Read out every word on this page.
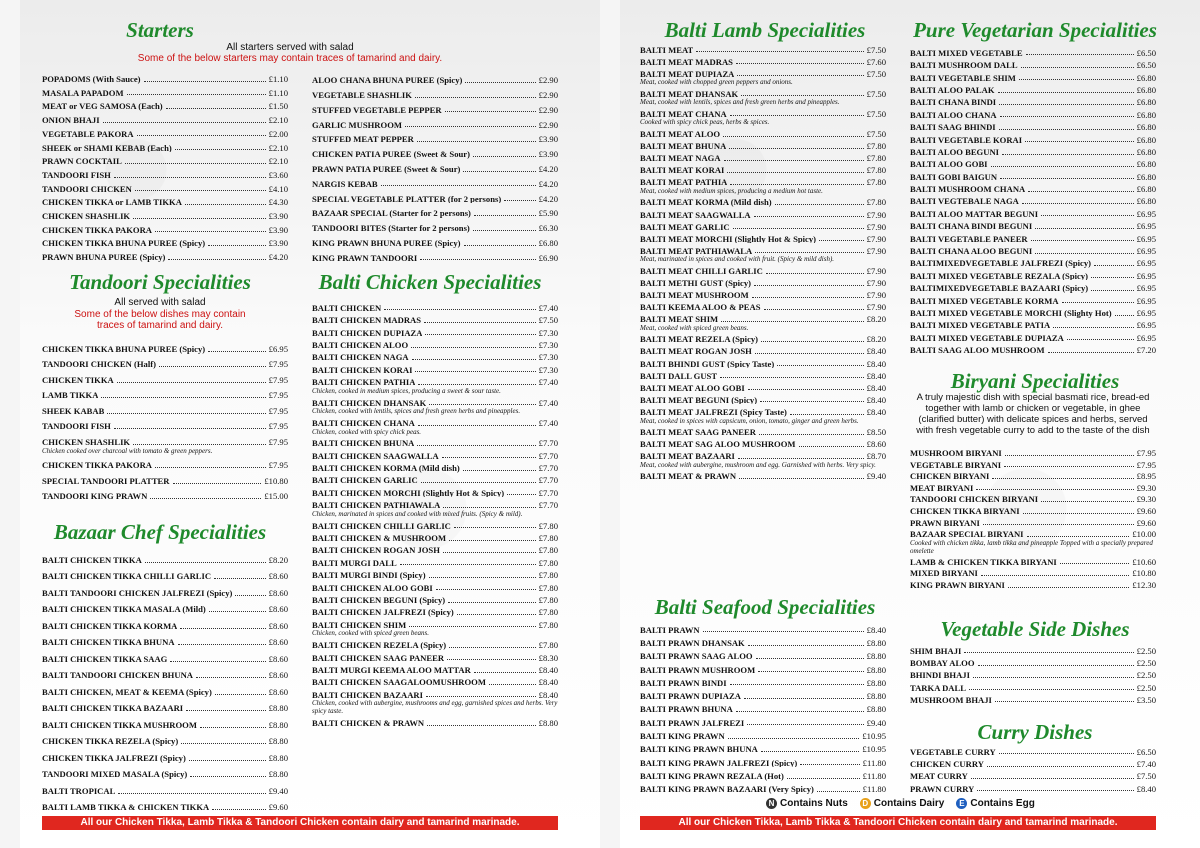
Starters
All starters served with salad
Some of the below starters may contain traces of tamarind and dairy.
POPADOMS (With Sauce)	£1.10
MASALA PAPADOM	£1.10
MEAT or VEG SAMOSA (Each)	£1.50
ONION BHAJI	£2.10
VEGETABLE PAKORA	£2.00
SHEEK or SHAMI KEBAB (Each)	£2.10
PRAWN COCKTAIL	£2.10
TANDOORI FISH	£3.60
TANDOORI CHICKEN	£4.10
CHICKEN TIKKA or LAMB TIKKA	£4.30
CHICKEN SHASHLIK	£3.90
CHICKEN TIKKA PAKORA	£3.90
CHICKEN TIKKA BHUNA PUREE (Spicy)	£3.90
PRAWN BHUNA PUREE (Spicy)	£4.20
ALOO CHANA BHUNA PUREE (Spicy)	£2.90
VEGETABLE SHASHLIK	£2.90
STUFFED VEGETABLE PEPPER	£2.90
GARLIC MUSHROOM	£2.90
STUFFED MEAT PEPPER	£3.90
CHICKEN PATIA PUREE (Sweet & Sour)	£3.90
PRAWN PATIA PUREE (Sweet & Sour)	£4.20
NARGIS KEBAB	£4.20
SPECIAL VEGETABLE PLATTER (for 2 persons)	£4.20
BAZAAR SPECIAL (Starter for 2 persons)	£5.90
TANDOORI BITES (Starter for 2 persons)	£6.30
KING PRAWN BHUNA PUREE (Spicy)	£6.80
KING PRAWN TANDOORI	£6.90
Tandoori Specialities
All served with salad
Some of the below dishes may contain traces of tamarind and dairy.
CHICKEN TIKKA BHUNA PUREE (Spicy)	£6.95
TANDOORI CHICKEN (Half)	£7.95
CHICKEN TIKKA	£7.95
LAMB TIKKA	£7.95
SHEEK KABAB	£7.95
TANDOORI FISH	£7.95
CHICKEN SHASHLIK	£7.95
Chicken cooked over charcoal with tomato & green peppers.
CHICKEN TIKKA PAKORA	£7.95
SPECIAL TANDOORI PLATTER	£10.80
TANDOORI KING PRAWN	£15.00
Bazaar Chef Specialities
BALTI CHICKEN TIKKA	£8.20
BALTI CHICKEN TIKKA CHILLI GARLIC	£8.60
BALTI TANDOORI CHICKEN JALFREZI (Spicy)	£8.60
BALTI CHICKEN TIKKA MASALA (Mild)	£8.60
BALTI CHICKEN TIKKA KORMA	£8.60
BALTI CHICKEN TIKKA BHUNA	£8.60
BALTI CHICKEN TIKKA SAAG	£8.60
BALTI TANDOORI CHICKEN BHUNA	£8.60
BALTI CHICKEN, MEAT & KEEMA (Spicy)	£8.60
BALTI CHICKEN TIKKA BAZAARI	£8.80
BALTI CHICKEN TIKKA MUSHROOM	£8.80
CHICKEN TIKKA REZELA (Spicy)	£8.80
CHICKEN TIKKA JALFREZI (Spicy)	£8.80
TANDOORI MIXED MASALA (Spicy)	£8.80
BALTI TROPICAL	£9.40
BALTI LAMB TIKKA & CHICKEN TIKKA	£9.60
Balti Chicken Specialities
BALTI CHICKEN	£7.40
BALTI CHICKEN MADRAS	£7.50
BALTI CHICKEN DUPIAZA	£7.30
BALTI CHICKEN ALOO	£7.30
BALTI CHICKEN NAGA	£7.30
BALTI CHICKEN KORAI	£7.30
BALTI CHICKEN PATHIA	£7.40
Chicken, cooked in medium spices, producing a sweet & sour taste.
BALTI CHICKEN DHANSAK	£7.40
Chicken, cooked with lentils, spices and fresh green herbs and pineapples.
BALTI CHICKEN CHANA	£7.40
Chicken, cooked with spicy chick peas.
BALTI CHICKEN BHUNA	£7.70
BALTI CHICKEN SAAGWALLA	£7.70
BALTI CHICKEN KORMA (Mild dish)	£7.70
BALTI CHICKEN GARLIC	£7.70
BALTI CHICKEN MORCHI (Slightly Hot & Spicy)	£7.70
BALTI CHICKEN PATHIAWALA	£7.70
Chicken, marinated in spices and cooked with mixed fruits. (Spicy & mild).
BALTI CHICKEN CHILLI GARLIC	£7.80
BALTI CHICKEN & MUSHROOM	£7.80
BALTI CHICKEN ROGAN JOSH	£7.80
BALTI MURGI DALL	£7.80
BALTI MURGI BINDI (Spicy)	£7.80
BALTI CHICKEN ALOO GOBI	£7.80
BALTI CHICKEN BEGUNI (Spicy)	£7.80
BALTI CHICKEN JALFREZI (Spicy)	£7.80
BALTI CHICKEN SHIM	£7.80
Chicken, cooked with spiced green beans.
BALTI CHICKEN REZELA (Spicy)	£7.80
BALTI CHICKEN SAAG PANEER	£8.30
BALTI MURGI KEEMA ALOO MATTAR	£8.40
BALTI CHICKEN SAAGALOOMUSHROOM	£8.40
BALTI CHICKEN BAZAARI	£8.40
Chicken, cooked with aubergine, mushrooms and egg, garnished spices and herbs. Very spicy taste.
BALTI CHICKEN & PRAWN	£8.80
All our Chicken Tikka, Lamb Tikka & Tandoori Chicken contain dairy and tamarind marinade.
Balti Lamb Specialities
BALTI MEAT	£7.50
BALTI MEAT MADRAS	£7.60
BALTI MEAT DUPIAZA	£7.50
Meat, cooked with chopped green peppers and onions.
BALTI MEAT DHANSAK	£7.50
Meat, cooked with lentils, spices and fresh green herbs and pineapples.
BALTI MEAT CHANA	£7.50
Cooked with spicy chick peas, herbs & spices.
BALTI MEAT ALOO	£7.50
BALTI MEAT BHUNA	£7.80
BALTI MEAT NAGA	£7.80
BALTI MEAT KORAI	£7.80
BALTI MEAT PATHIA	£7.80
Meat, cooked with medium spices, producing a medium hot taste.
BALTI MEAT KORMA (Mild dish)	£7.80
BALTI MEAT SAAGWALLA	£7.90
BALTI MEAT GARLIC	£7.90
BALTI MEAT MORCHI (Slightly Hot & Spicy)	£7.90
BALTI MEAT PATHIAWALA	£7.90
Meat, marinated in spices and cooked with fruit. (Spicy & mild dish).
BALTI MEAT CHILLI GARLIC	£7.90
BALTI METHI GUST (Spicy)	£7.90
BALTI MEAT MUSHROOM	£7.90
BALTI KEEMA ALOO & PEAS	£7.90
BALTI MEAT SHIM	£8.20
Meat, cooked with spiced green beans.
BALTI MEAT REZELA (Spicy)	£8.20
BALTI MEAT ROGAN JOSH	£8.40
BALTI BHINDI GUST (Spicy Taste)	£8.40
BALTI DALL GUST	£8.40
BALTI MEAT ALOO GOBI	£8.40
BALTI MEAT BEGUNI (Spicy)	£8.40
BALTI MEAT JALFREZI (Spicy Taste)	£8.40
Meat, cooked in spices with capsicum, onion, tomato, ginger and green herbs.
BALTI MEAT SAAG PANEER	£8.50
BALTI MEAT SAG ALOO MUSHROOM	£8.60
BALTI MEAT BAZAARI	£8.70
Meat, cooked with aubergine, mushroom and egg. Garnished with herbs. Very spicy.
BALTI MEAT & PRAWN	£9.40
Balti Seafood Specialities
BALTI PRAWN	£8.40
BALTI PRAWN DHANSAK	£8.80
BALTI PRAWN SAAG ALOO	£8.80
BALTI PRAWN MUSHROOM	£8.80
BALTI PRAWN BINDI	£8.80
BALTI PRAWN DUPIAZA	£8.80
BALTI PRAWN BHUNA	£8.80
BALTI PRAWN JALFREZI	£9.40
BALTI KING PRAWN	£10.95
BALTI KING PRAWN BHUNA	£10.95
BALTI KING PRAWN JALFREZI (Spicy)	£11.80
BALTI KING PRAWN REZALA (Hot)	£11.80
BALTI KING PRAWN BAZAARI (Very Spicy)	£11.80
Pure Vegetarian Specialities
BALTI MIXED VEGETABLE	£6.50
BALTI MUSHROOM DALL	£6.50
BALTI VEGETABLE SHIM	£6.80
BALTI ALOO PALAK	£6.80
BALTI CHANA BINDI	£6.80
BALTI ALOO CHANA	£6.80
BALTI SAAG BHINDI	£6.80
BALTI VEGETABLE KORAI	£6.80
BALTI ALOO BEGUNI	£6.80
BALTI ALOO GOBI	£6.80
BALTI GOBI BAIGUN	£6.80
BALTI MUSHROOM CHANA	£6.80
BALTI VEGTEBALE NAGA	£6.80
BALTI ALOO MATTAR BEGUNI	£6.95
BALTI CHANA BINDI BEGUNI	£6.95
BALTI VEGETABLE PANEER	£6.95
BALTI CHANA ALOO BEGUNI	£6.95
BALTIMIXEDVEGETABLE JALFREZI (Spicy)	£6.95
BALTI MIXED VEGETABLE REZALA (Spicy)	£6.95
BALTIMIXEDVEGETABLE BAZAARI (Spicy)	£6.95
BALTI MIXED VEGETABLE KORMA	£6.95
BALTI MIXED VEGETABLE MORCHI (Slighty Hot)	£6.95
BALTI MIXED VEGETABLE PATIA	£6.95
BALTI MIXED VEGETABLE DUPIAZA	£6.95
BALTI SAAG ALOO MUSHROOM	£7.20
Biryani Specialities
A truly majestic dish with special basmati rice, bread-ed together with lamb or chicken or vegetable, in ghee (clarified butter) with delicate spices and herbs, served with fresh vegetable curry to add to the taste of the dish
MUSHROOM BIRYANI	£7.95
VEGETABLE BIRYANI	£7.95
CHICKEN BIRYANI	£8.95
MEAT BIRYANI	£9.30
TANDOORI CHICKEN BIRYANI	£9.30
CHICKEN TIKKA BIRYANI	£9.60
PRAWN BIRYANI	£9.60
BAZAAR SPECIAL BIRYANI	£10.00
Cooked with chicken tikka, lamb tikka and pineapple Topped with a specially prepared omelette
LAMB & CHICKEN TIKKA BIRYANI	£10.60
MIXED BIRYANI	£10.80
KING PRAWN BIRYANI	£12.30
Vegetable Side Dishes
SHIM BHAJI	£2.50
BOMBAY ALOO	£2.50
BHINDI BHAJI	£2.50
TARKA DALL	£2.50
MUSHROOM BHAJI	£3.50
Curry Dishes
VEGETABLE CURRY	£6.50
CHICKEN CURRY	£7.40
MEAT CURRY	£7.50
PRAWN CURRY	£8.40
N Contains Nuts	D Contains Dairy	E Contains Egg
All our Chicken Tikka, Lamb Tikka & Tandoori Chicken contain dairy and tamarind marinade.
